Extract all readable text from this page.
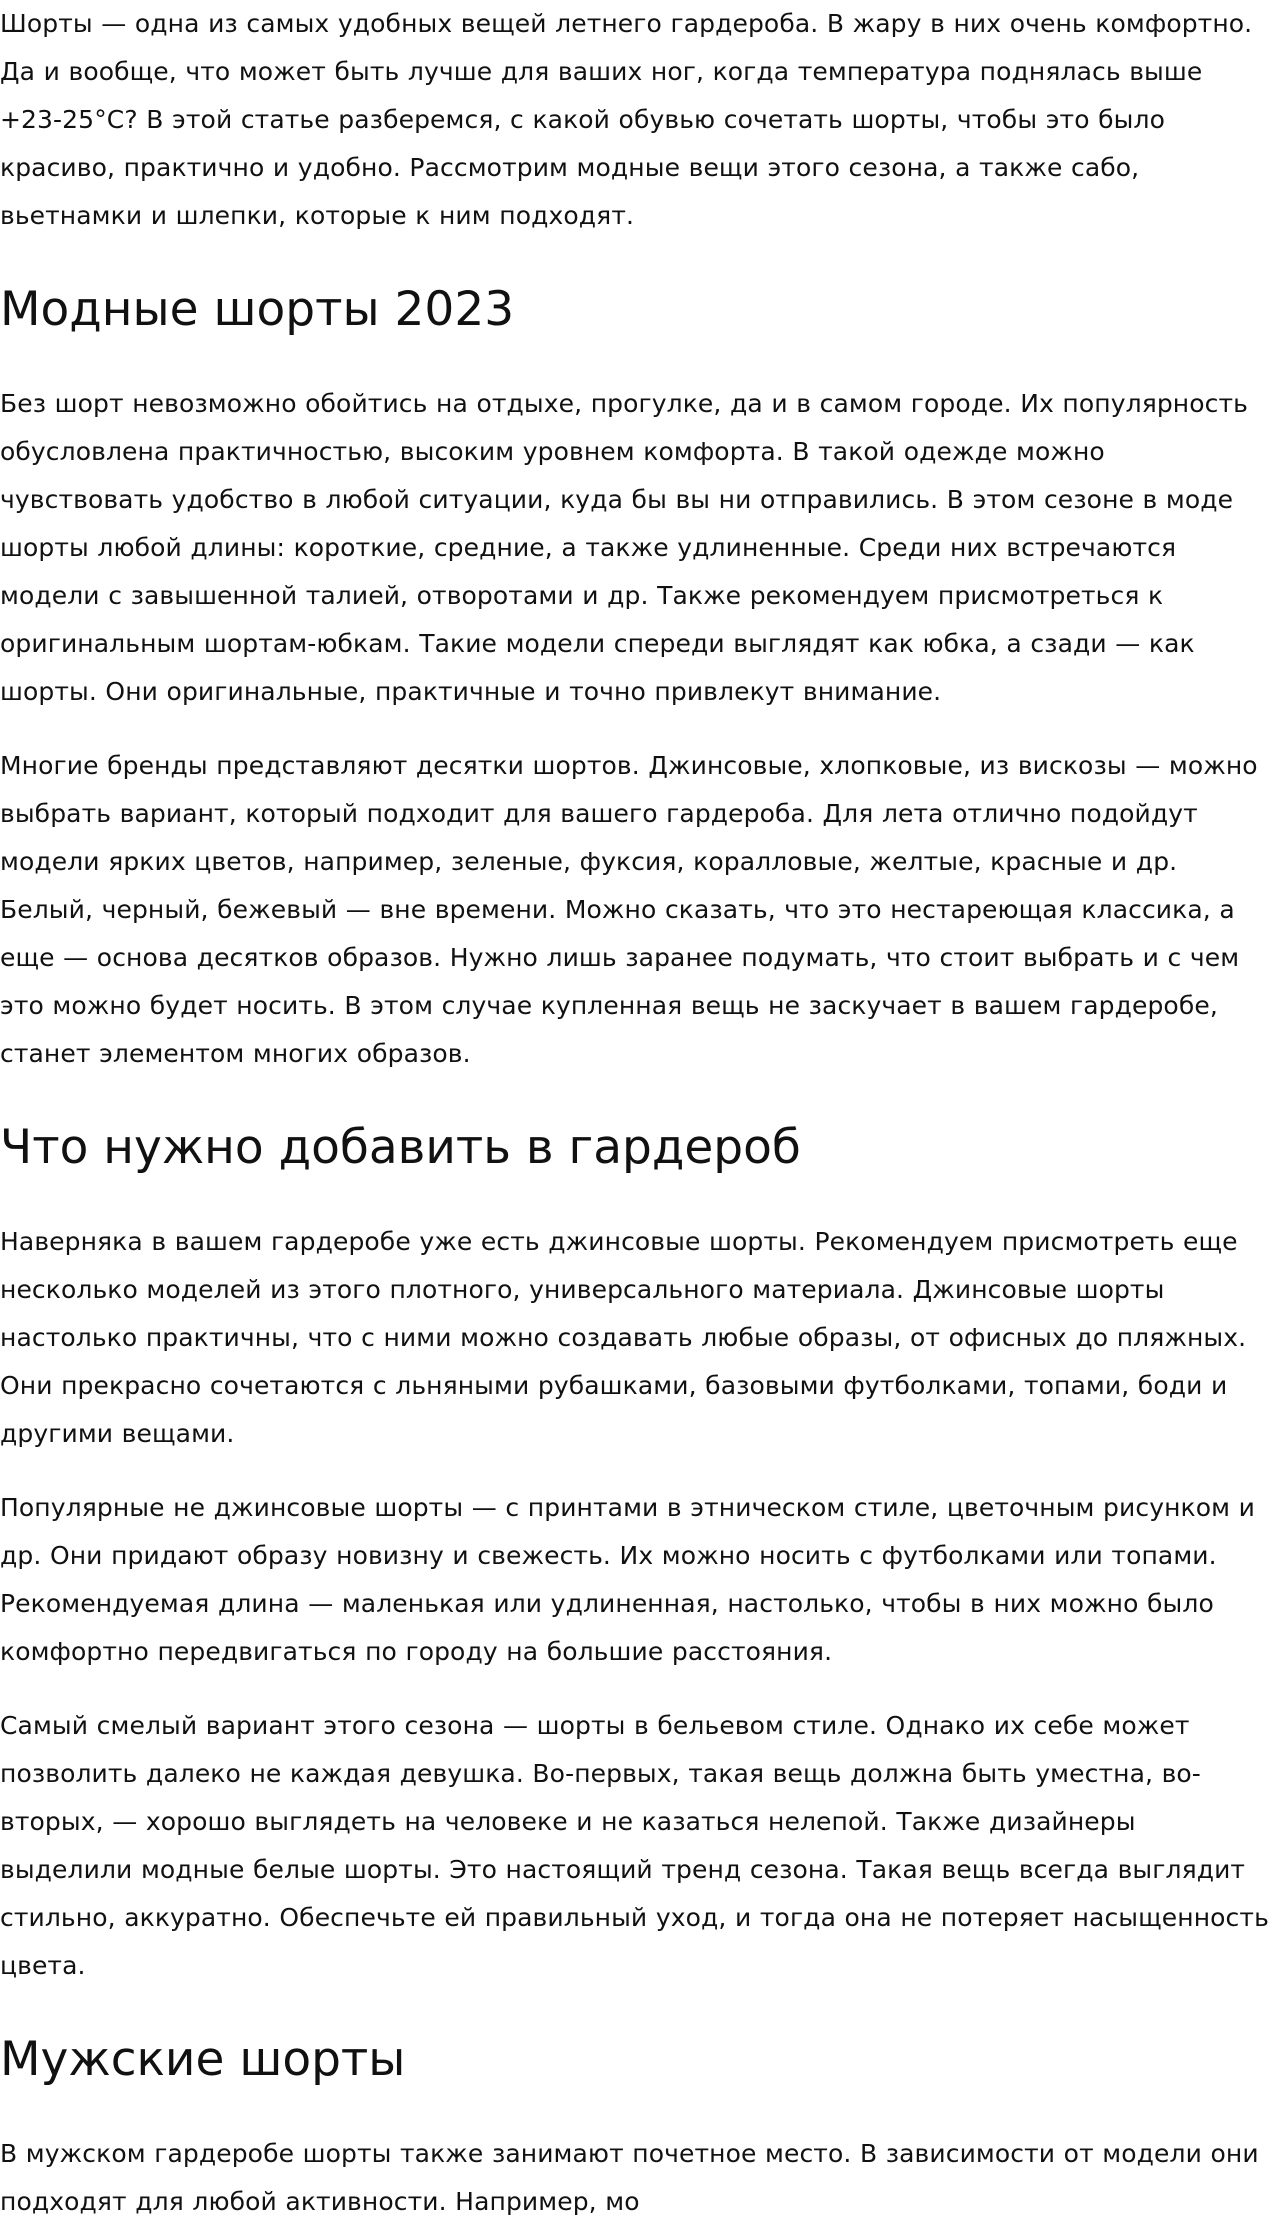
Шорты — одна из самых удобных вещей летнего гардероба. В жару в них очень комфортно. Да и вообще, что может быть лучше для ваших ног, когда температура поднялась выше +23-25°C? В этой статье разберемся, с какой обувью сочетать шорты, чтобы это было красиво, практично и удобно. Рассмотрим модные вещи этого сезона, а также сабо, вьетнамки и шлепки, которые к ним подходят.

Модные шорты 2023

Без шорт невозможно обойтись на отдыхе, прогулке, да и в самом городе. Их популярность обусловлена практичностью, высоким уровнем комфорта. В такой одежде можно чувствовать удобство в любой ситуации, куда бы вы ни отправились. В этом сезоне в моде шорты любой длины: короткие, средние, а также удлиненные. Среди них встречаются модели с завышенной талией, отворотами и др. Также рекомендуем присмотреться к оригинальным шортам-юбкам. Такие модели спереди выглядят как юбка, а сзади — как шорты. Они оригинальные, практичные и точно привлекут внимание.

Многие бренды представляют десятки шортов. Джинсовые, хлопковые, из вискозы — можно выбрать вариант, который подходит для вашего гардероба. Для лета отлично подойдут модели ярких цветов, например, зеленые, фуксия, коралловые, желтые, красные и др. Белый, черный, бежевый — вне времени. Можно сказать, что это нестареющая классика, а еще — основа десятков образов. Нужно лишь заранее подумать, что стоит выбрать и с чем это можно будет носить. В этом случае купленная вещь не заскучает в вашем гардеробе, станет элементом многих образов.

Что нужно добавить в гардероб

Наверняка в вашем гардеробе уже есть джинсовые шорты. Рекомендуем присмотреть еще несколько моделей из этого плотного, универсального материала. Джинсовые шорты настолько практичны, что с ними можно создавать любые образы, от офисных до пляжных. Они прекрасно сочетаются с льняными рубашками, базовыми футболками, топами, боди и другими вещами.

Популярные не джинсовые шорты — с принтами в этническом стиле, цветочным рисунком и др. Они придают образу новизну и свежесть. Их можно носить с футболками или топами. Рекомендуемая длина — маленькая или удлиненная, настолько, чтобы в них можно было комфортно передвигаться по городу на большие расстояния.

Самый смелый вариант этого сезона — шорты в бельевом стиле. Однако их себе может позволить далеко не каждая девушка. Во-первых, такая вещь должна быть уместна, во-вторых, — хорошо выглядеть на человеке и не казаться нелепой. Также дизайнеры выделили модные белые шорты. Это настоящий тренд сезона. Такая вещь всегда выглядит стильно, аккуратно. Обеспечьте ей правильный уход, и тогда она не потеряет насыщенность цвета.

Мужские шорты

В мужском гардеробе шорты также занимают почетное место. В зависимости от модели они подходят для любой активности. Например, мо
